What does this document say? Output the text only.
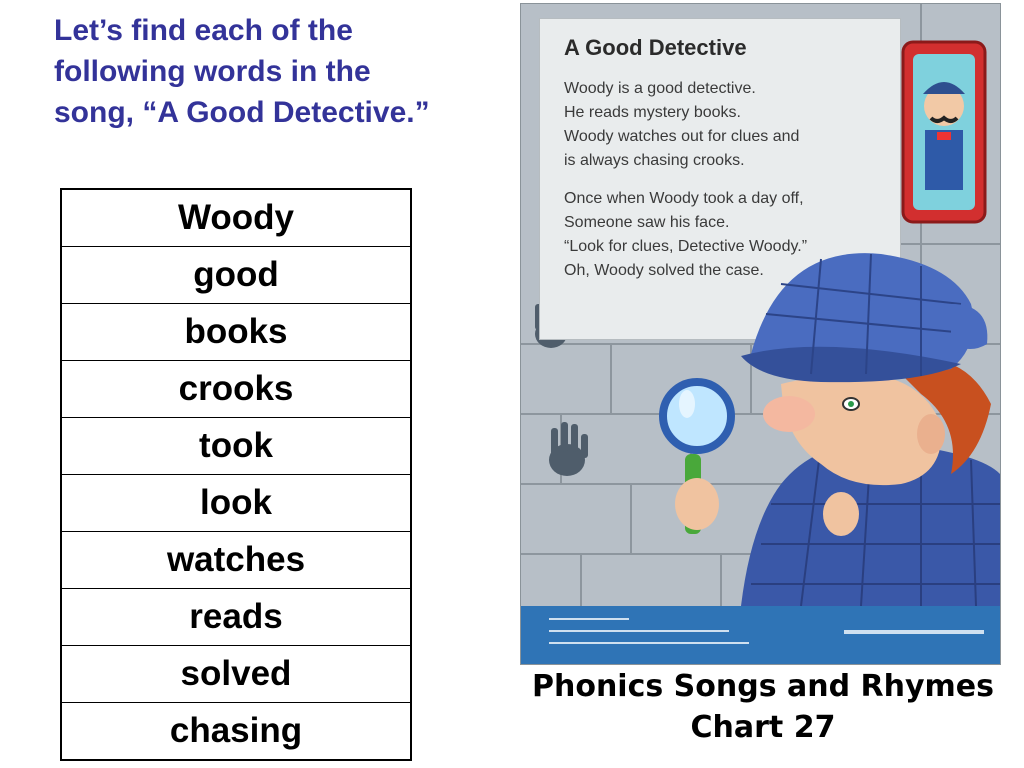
Let’s find each of the following words in the song, “A Good Detective.”

Woody
good
books
crooks
took
look
watches
reads
solved
chasing
A Good Detective
Woody is a good detective.
He reads mystery books.
Woody watches out for clues and
is always chasing crooks.
Once when Woody took a day off,
Someone saw his face.
“Look for clues, Detective Woody.”
Oh, Woody solved the case.
Phonics Songs and Rhymes
Chart 27
